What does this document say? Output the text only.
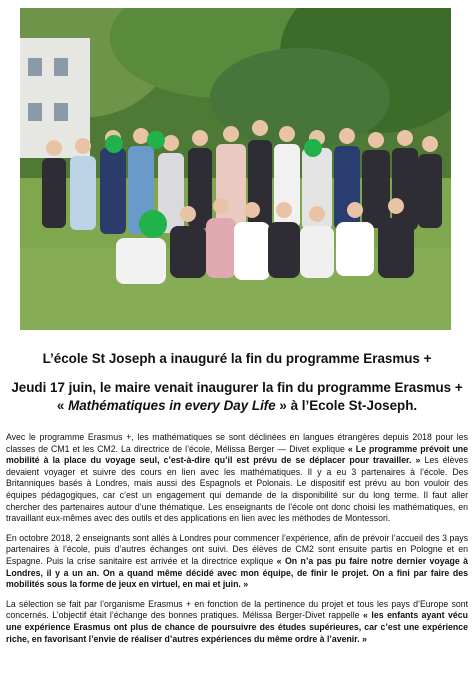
L’école St Joseph a inauguré la fin du programme Erasmus +
Jeudi 17 juin, le maire venait inaugurer la fin du programme Erasmus +
« Mathématiques in every Day Life » à l’Ecole St-Joseph.

Avec le programme Erasmus +, les mathématiques se sont déclinées en langues étrangères depuis 2018 pour les classes de CM1 et les CM2. La directrice de l’école, Mélissa Berger — Divet explique « Le programme prévoit une mobilité à la place du voyage seul, c’est-à-dire qu’il est prévu de se déplacer pour travailler. » Les élèves devaient voyager et suivre des cours en lien avec les mathématiques. Il y a eu 3 partenaires à l’école. Des Britanniques basés à Londres, mais aussi des Espagnols et Polonais. Le dispositif est prévu au bon vouloir des équipes pédagogiques, car c’est un engagement qui demande de la disponibilité sur du long terme. Il faut aller chercher des partenaires autour d’une thématique. Les enseignants de l’école ont donc choisi les mathématiques, en travaillant eux-mêmes avec des outils et des applications en lien avec les méthodes de Montessori.

En octobre 2018, 2 enseignants sont allés à Londres pour commencer l’expérience, afin de prévoir l’accueil des 3 pays partenaires à l’école, puis d’autres échanges ont suivi. Des élèves de CM2 sont ensuite partis en Pologne et en Espagne. Puis la crise sanitaire est arrivée et la directrice explique « On n’a pas pu faire notre dernier voyage à Londres, il y a un an. On a quand même décidé avec mon équipe, de finir le projet. On a fini par faire des mobilités sous la forme de jeux en virtuel, en mai et juin. »

La sélection se fait par l’organisme Erasmus + en fonction de la pertinence du projet et tous les pays d’Europe sont concernés. L’objectif était l’échange des bonnes pratiques. Mélissa Berger-Divet rappelle « les enfants ayant vécu une expérience Erasmus ont plus de chance de poursuivre des études supérieures, car c’est une expérience riche, en favorisant l’envie de réaliser d’autres expériences du même ordre à l’avenir. »
